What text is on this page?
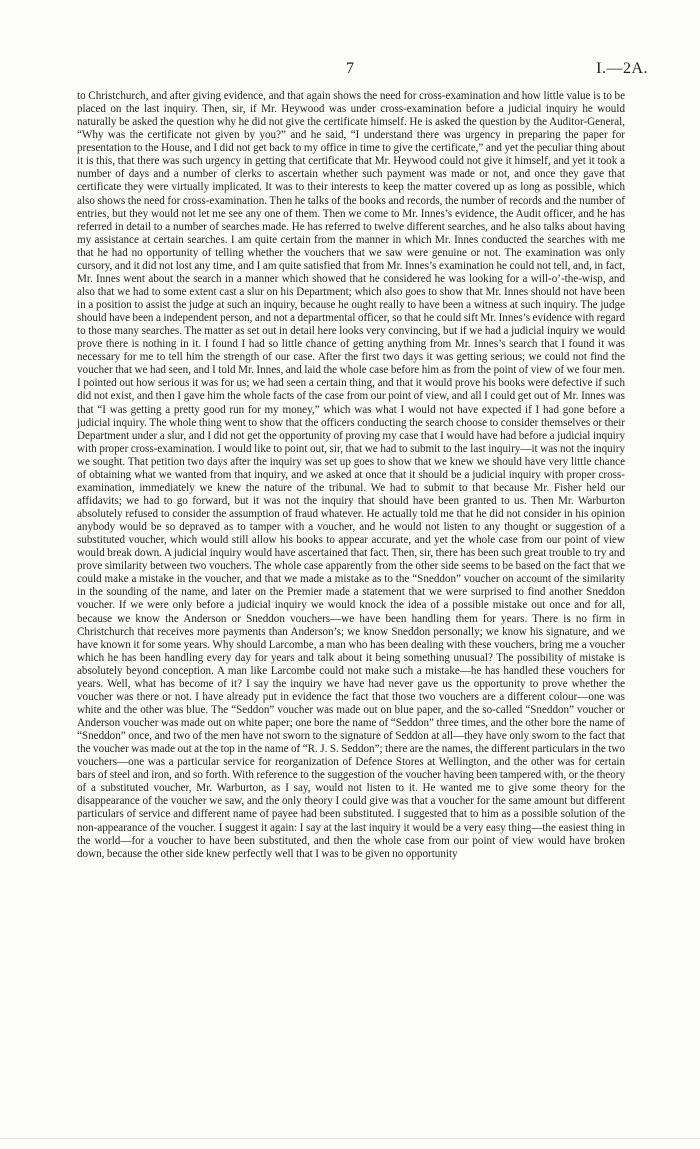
7	I.—2A.

to Christchurch, and after giving evidence, and that again shows the need for cross-examination and how little value is to be placed on the last inquiry. Then, sir, if Mr. Heywood was under cross-examination before a judicial inquiry he would naturally be asked the question why he did not give the certificate himself. He is asked the question by the Auditor-General, “Why was the certificate not given by you?” and he said, “I understand there was urgency in preparing the paper for presentation to the House, and I did not get back to my office in time to give the certificate,” and yet the peculiar thing about it is this, that there was such urgency in getting that certificate that Mr. Heywood could not give it himself, and yet it took a number of days and a number of clerks to ascertain whether such payment was made or not, and once they gave that certificate they were virtually implicated. It was to their interests to keep the matter covered up as long as possible, which also shows the need for cross-examination. Then he talks of the books and records, the number of records and the number of entries, but they would not let me see any one of them. Then we come to Mr. Innes’s evidence, the Audit officer, and he has referred in detail to a number of searches made. He has referred to twelve different searches, and he also talks about having my assistance at certain searches. I am quite certain from the manner in which Mr. Innes conducted the searches with me that he had no opportunity of telling whether the vouchers that we saw were genuine or not. The examination was only cursory, and it did not lost any time, and I am quite satisfied that from Mr. Innes’s examination he could not tell, and, in fact, Mr. Innes went about the search in a manner which showed that he considered he was looking for a will-o’-the-wisp, and also that we had to some extent cast a slur on his Department; which also goes to show that Mr. Innes should not have been in a position to assist the judge at such an inquiry, because he ought really to have been a witness at such inquiry. The judge should have been a independent person, and not a departmental officer, so that he could sift Mr. Innes’s evidence with regard to those many searches. The matter as set out in detail here looks very convincing, but if we had a judicial inquiry we would prove there is nothing in it. I found I had so little chance of getting anything from Mr. Innes’s search that I found it was necessary for me to tell him the strength of our case. After the first two days it was getting serious; we could not find the voucher that we had seen, and I told Mr. Innes, and laid the whole case before him as from the point of view of we four men. I pointed out how serious it was for us; we had seen a certain thing, and that it would prove his books were defective if such did not exist, and then I gave him the whole facts of the case from our point of view, and all I could get out of Mr. Innes was that “I was getting a pretty good run for my money,” which was what I would not have expected if I had gone before a judicial inquiry. The whole thing went to show that the officers conducting the search choose to consider themselves or their Department under a slur, and I did not get the opportunity of proving my case that I would have had before a judicial inquiry with proper cross-examination. I would like to point out, sir, that we had to submit to the last inquiry—it was not the inquiry we sought. That petition two days after the inquiry was set up goes to show that we knew we should have very little chance of obtaining what we wanted from that inquiry, and we asked at once that it should be a judicial inquiry with proper cross-examination, immediately we knew the nature of the tribunal. We had to submit to that because Mr. Fisher held our affidavits; we had to go forward, but it was not the inquiry that should have been granted to us. Then Mr. Warburton absolutely refused to consider the assumption of fraud whatever. He actually told me that he did not consider in his opinion anybody would be so depraved as to tamper with a voucher, and he would not listen to any thought or suggestion of a substituted voucher, which would still allow his books to appear accurate, and yet the whole case from our point of view would break down. A judicial inquiry would have ascertained that fact. Then, sir, there has been such great trouble to try and prove similarity between two vouchers. The whole case apparently from the other side seems to be based on the fact that we could make a mistake in the voucher, and that we made a mistake as to the “Sneddon” voucher on account of the similarity in the sounding of the name, and later on the Premier made a statement that we were surprised to find another Sneddon voucher. If we were only before a judicial inquiry we would knock the idea of a possible mistake out once and for all, because we know the Anderson or Sneddon vouchers—we have been handling them for years. There is no firm in Christchurch that receives more payments than Anderson’s; we know Sneddon personally; we know his signature, and we have known it for some years. Why should Larcombe, a man who has been dealing with these vouchers, bring me a voucher which he has been handling every day for years and talk about it being something unusual? The possibility of mistake is absolutely beyond conception. A man like Larcombe could not make such a mistake—he has handled these vouchers for years. Well, what has become of it? I say the inquiry we have had never gave us the opportunity to prove whether the voucher was there or not. I have already put in evidence the fact that those two vouchers are a different colour—one was white and the other was blue. The “Seddon” voucher was made out on blue paper, and the so-called “Sneddon” voucher or Anderson voucher was made out on white paper; one bore the name of “Seddon” three times, and the other bore the name of “Sneddon” once, and two of the men have not sworn to the signature of Seddon at all—they have only sworn to the fact that the voucher was made out at the top in the name of “R. J. S. Seddon”; there are the names, the different particulars in the two vouchers—one was a particular service for reorganization of Defence Stores at Wellington, and the other was for certain bars of steel and iron, and so forth. With reference to the suggestion of the voucher having been tampered with, or the theory of a substituted voucher, Mr. Warburton, as I say, would not listen to it. He wanted me to give some theory for the disappearance of the voucher we saw, and the only theory I could give was that a voucher for the same amount but different particulars of service and different name of payee had been substituted. I suggested that to him as a possible solution of the non-appearance of the voucher. I suggest it again: I say at the last inquiry it would be a very easy thing—the easiest thing in the world—for a voucher to have been substituted, and then the whole case from our point of view would have broken down, because the other side knew perfectly well that I was to be given no opportunity
